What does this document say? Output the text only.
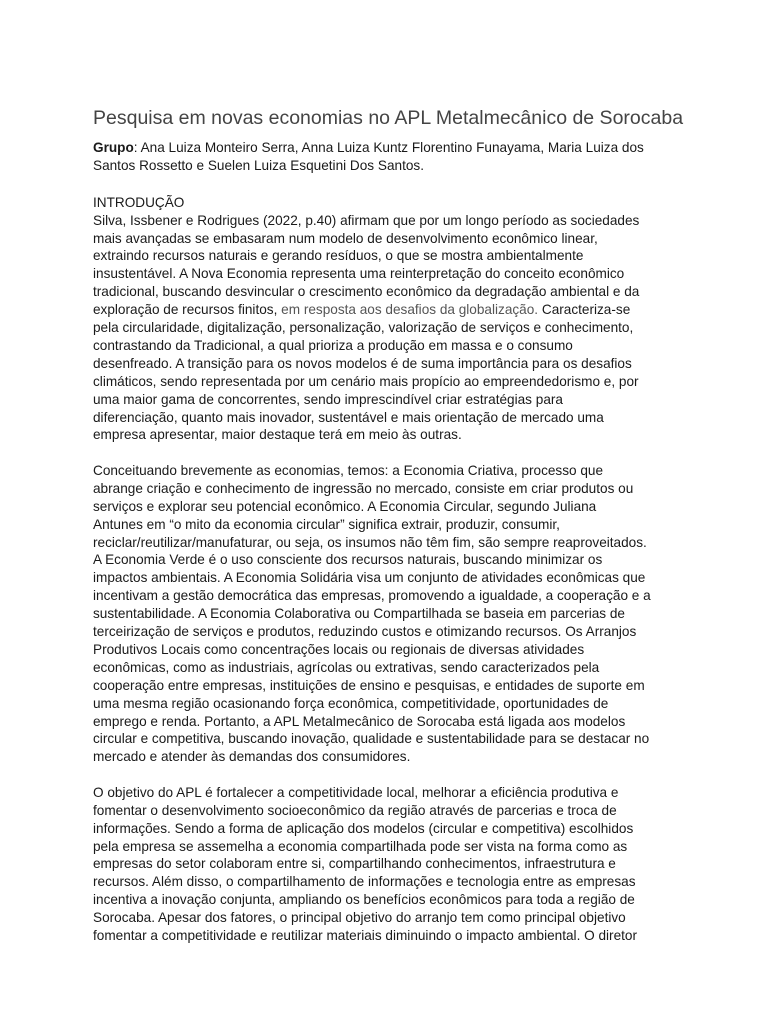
Pesquisa em novas economias no APL Metalmecânico de Sorocaba

Grupo: Ana Luiza Monteiro Serra, Anna Luiza Kuntz Florentino Funayama, Maria Luiza dos
Santos Rossetto e Suelen Luiza Esquetini Dos Santos.

INTRODUÇÃO

Silva, Issbener e Rodrigues (2022, p.40) afirmam que por um longo período as sociedades
mais avançadas se embasaram num modelo de desenvolvimento econômico linear,
extraindo recursos naturais e gerando resíduos, o que se mostra ambientalmente
insustentável. A Nova Economia representa uma reinterpretação do conceito econômico
tradicional, buscando desvincular o crescimento econômico da degradação ambiental e da
exploração de recursos finitos, em resposta aos desafios da globalização. Caracteriza-se
pela circularidade, digitalização, personalização, valorização de serviços e conhecimento,
contrastando da Tradicional, a qual prioriza a produção em massa e o consumo
desenfreado. A transição para os novos modelos é de suma importância para os desafios
climáticos, sendo representada por um cenário mais propício ao empreendedorismo e, por
uma maior gama de concorrentes, sendo imprescindível criar estratégias para
diferenciação, quanto mais inovador, sustentável e mais orientação de mercado uma
empresa apresentar, maior destaque terá em meio às outras.

Conceituando brevemente as economias, temos: a Economia Criativa, processo que
abrange criação e conhecimento de ingressão no mercado, consiste em criar produtos ou
serviços e explorar seu potencial econômico. A Economia Circular, segundo Juliana
Antunes em “o mito da economia circular” significa extrair, produzir, consumir,
reciclar/reutilizar/manufaturar, ou seja, os insumos não têm fim, são sempre reaproveitados.
A Economia Verde é o uso consciente dos recursos naturais, buscando minimizar os
impactos ambientais. A Economia Solidária visa um conjunto de atividades econômicas que
incentivam a gestão democrática das empresas, promovendo a igualdade, a cooperação e a
sustentabilidade. A Economia Colaborativa ou Compartilhada se baseia em parcerias de
terceirização de serviços e produtos, reduzindo custos e otimizando recursos. Os Arranjos
Produtivos Locais como concentrações locais ou regionais de diversas atividades
econômicas, como as industriais, agrícolas ou extrativas, sendo caracterizados pela
cooperação entre empresas, instituições de ensino e pesquisas, e entidades de suporte em
uma mesma região ocasionando força econômica, competitividade, oportunidades de
emprego e renda. Portanto, a APL Metalmecânico de Sorocaba está ligada aos modelos
circular e competitiva, buscando inovação, qualidade e sustentabilidade para se destacar no
mercado e atender às demandas dos consumidores.

O objetivo do APL é fortalecer a competitividade local, melhorar a eficiência produtiva e
fomentar o desenvolvimento socioeconômico da região através de parcerias e troca de
informações. Sendo a forma de aplicação dos modelos (circular e competitiva) escolhidos
pela empresa se assemelha a economia compartilhada pode ser vista na forma como as
empresas do setor colaboram entre si, compartilhando conhecimentos, infraestrutura e
recursos. Além disso, o compartilhamento de informações e tecnologia entre as empresas
incentiva a inovação conjunta, ampliando os benefícios econômicos para toda a região de
Sorocaba. Apesar dos fatores, o principal objetivo do arranjo tem como principal objetivo
fomentar a competitividade e reutilizar materiais diminuindo o impacto ambiental. O diretor
